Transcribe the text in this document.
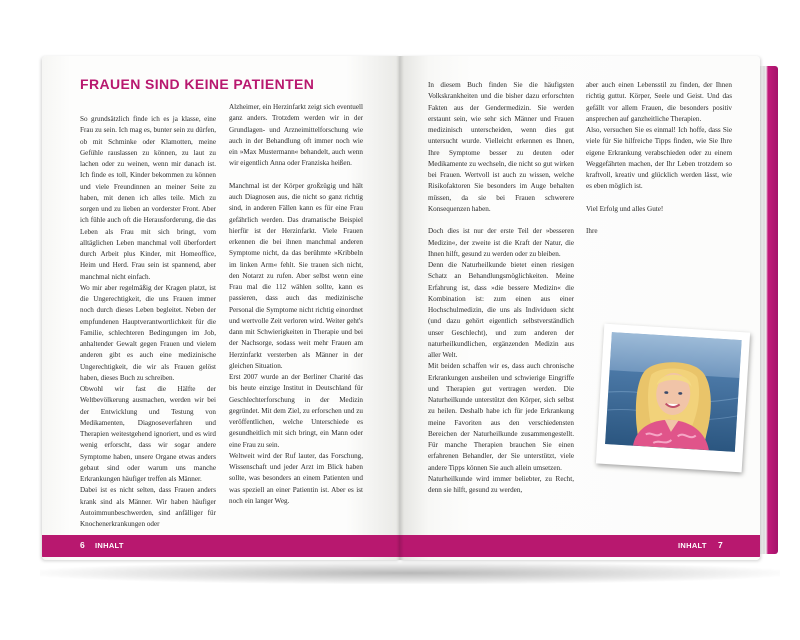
FRAUEN SIND KEINE PATIENTEN

So grundsätzlich finde ich es ja klasse, eine Frau zu sein. Ich mag es, bunter sein zu dürfen, ob mit Schminke oder Klamotten, meine Gefühle rauslassen zu können, zu laut zu lachen oder zu weinen, wenn mir danach ist. Ich finde es toll, Kinder bekommen zu können und viele Freundinnen an meiner Seite zu haben, mit denen ich alles teile. Mich zu sorgen und zu lieben an vorderster Front. Aber ich fühle auch oft die Herausforderung, die das Leben als Frau mit sich bringt, vom alltäglichen Leben manchmal voll überfordert durch Arbeit plus Kinder, mit Homeoffice, Heim und Herd. Frau sein ist spannend, aber manchmal nicht einfach.

Wo mir aber regelmäßig der Kragen platzt, ist die Ungerechtigkeit, die uns Frauen immer noch durch dieses Leben begleitet. Neben der empfundenen Hauptverantwortlichkeit für die Familie, schlechteren Bedingungen im Job, anhaltender Gewalt gegen Frauen und vielem anderen gibt es auch eine medizinische Ungerechtigkeit, die wir als Frauen gelöst haben, dieses Buch zu schreiben.

Obwohl wir fast die Hälfte der Weltbevölkerung ausmachen, werden wir bei der Entwicklung und Testung von Medikamenten, Diagnoseverfahren und Therapien weitestgehend ignoriert, und es wird wenig erforscht, dass wir sogar andere Symptome haben, unsere Organe etwas anders gebaut sind oder warum uns manche Erkrankungen häufiger treffen als Männer.

Dabei ist es nicht selten, dass Frauen anders krank sind als Männer. Wir haben häufiger Autoimmunbeschwerden, sind anfälliger für Knochenerkrankungen oder

Alzheimer, ein Herzinfarkt zeigt sich eventuell ganz anders. Trotzdem werden wir in der Grundlagen- und Arzneimittelforschung wie auch in der Behandlung oft immer noch wie ein »Max Mustermann« behandelt, auch wenn wir eigentlich Anna oder Franziska heißen.

Manchmal ist der Körper großzügig und hält auch Diagnosen aus, die nicht so ganz richtig sind, in anderen Fällen kann es für eine Frau gefährlich werden. Das dramatische Beispiel hierfür ist der Herzinfarkt. Viele Frauen erkennen die bei ihnen manchmal anderen Symptome nicht, da das berühmte »Kribbeln im linken Arm« fehlt. Sie trauen sich nicht, den Notarzt zu rufen. Aber selbst wenn eine Frau mal die 112 wählen sollte, kann es passieren, dass auch das medizinische Personal die Symptome nicht richtig einordnet und wertvolle Zeit verloren wird. Weiter geht's dann mit Schwierigkeiten in Therapie und bei der Nachsorge, sodass weit mehr Frauen am Herzinfarkt versterben als Männer in der gleichen Situation.

Erst 2007 wurde an der Berliner Charité das bis heute einzige Institut in Deutschland für Geschlechterforschung in der Medizin gegründet. Mit dem Ziel, zu erforschen und zu veröffentlichen, welche Unterschiede es gesundheitlich mit sich bringt, ein Mann oder eine Frau zu sein.

Weltweit wird der Ruf lauter, das Forschung, Wissenschaft und jeder Arzt im Blick haben sollte, was besonders an einem Patienten und was speziell an einer Patientin ist. Aber es ist noch ein langer Weg.

6 INHALT

In diesem Buch finden Sie die häufigsten Volkskrankheiten und die bisher dazu erforschten Fakten aus der Gendermedizin. Sie werden erstaunt sein, wie sehr sich Männer und Frauen medizinisch unterscheiden, wenn dies gut untersucht wurde. Vielleicht erkennen es Ihnen, Ihre Symptome besser zu deuten oder Medikamente zu wechseln, die nicht so gut wirken bei Frauen. Wertvoll ist auch zu wissen, welche Risikofaktoren Sie besonders im Auge behalten müssen, da sie bei Frauen schwerere Konsequenzen haben.

Doch dies ist nur der erste Teil der »besseren Medizin«, der zweite ist die Kraft der Natur, die Ihnen hilft, gesund zu werden oder zu bleiben.

Denn die Naturheilkunde bietet einen riesigen Schatz an Behandlungsmöglichkeiten. Meine Erfahrung ist, dass »die bessere Medizin« die Kombination ist: zum einen aus einer Hochschulmedizin, die uns als Individuen sicht (und dazu gehört eigentlich selbstverständlich unser Geschlecht), und zum anderen der naturheilkundlichen, ergänzenden Medizin aus aller Welt.

Mit beiden schaffen wir es, dass auch chronische Erkrankungen ausheilen und schwierige Eingriffe und Therapien gut vertragen werden. Die Naturheilkunde unterstützt den Körper, sich selbst zu heilen. Deshalb habe ich für jede Erkrankung meine Favoriten aus den verschiedensten Bereichen der Naturheilkunde zusammengestellt. Für manche Therapien brauchen Sie einen erfahrenen Behandler, der Sie unterstützt, viele andere Tipps können Sie auch allein umsetzen.

Naturheilkunde wird immer beliebter, zu Recht, denn sie hilft, gesund zu werden,

aber auch einen Lebensstil zu finden, der Ihnen richtig guttut. Körper, Seele und Geist. Und das gefällt vor allem Frauen, die besonders positiv ansprechen auf ganzheitliche Therapien.

Also, versuchen Sie es einmal! Ich hoffe, dass Sie viele für Sie hilfreiche Tipps finden, wie Sie Ihre eigene Erkrankung verabschieden oder zu einem Weggefährten machen, der Ihr Leben trotzdem so kraftvoll, kreativ und glücklich werden lässt, wie es eben möglich ist.

Viel Erfolg und alles Gute!

Ihre

INHALT 7
